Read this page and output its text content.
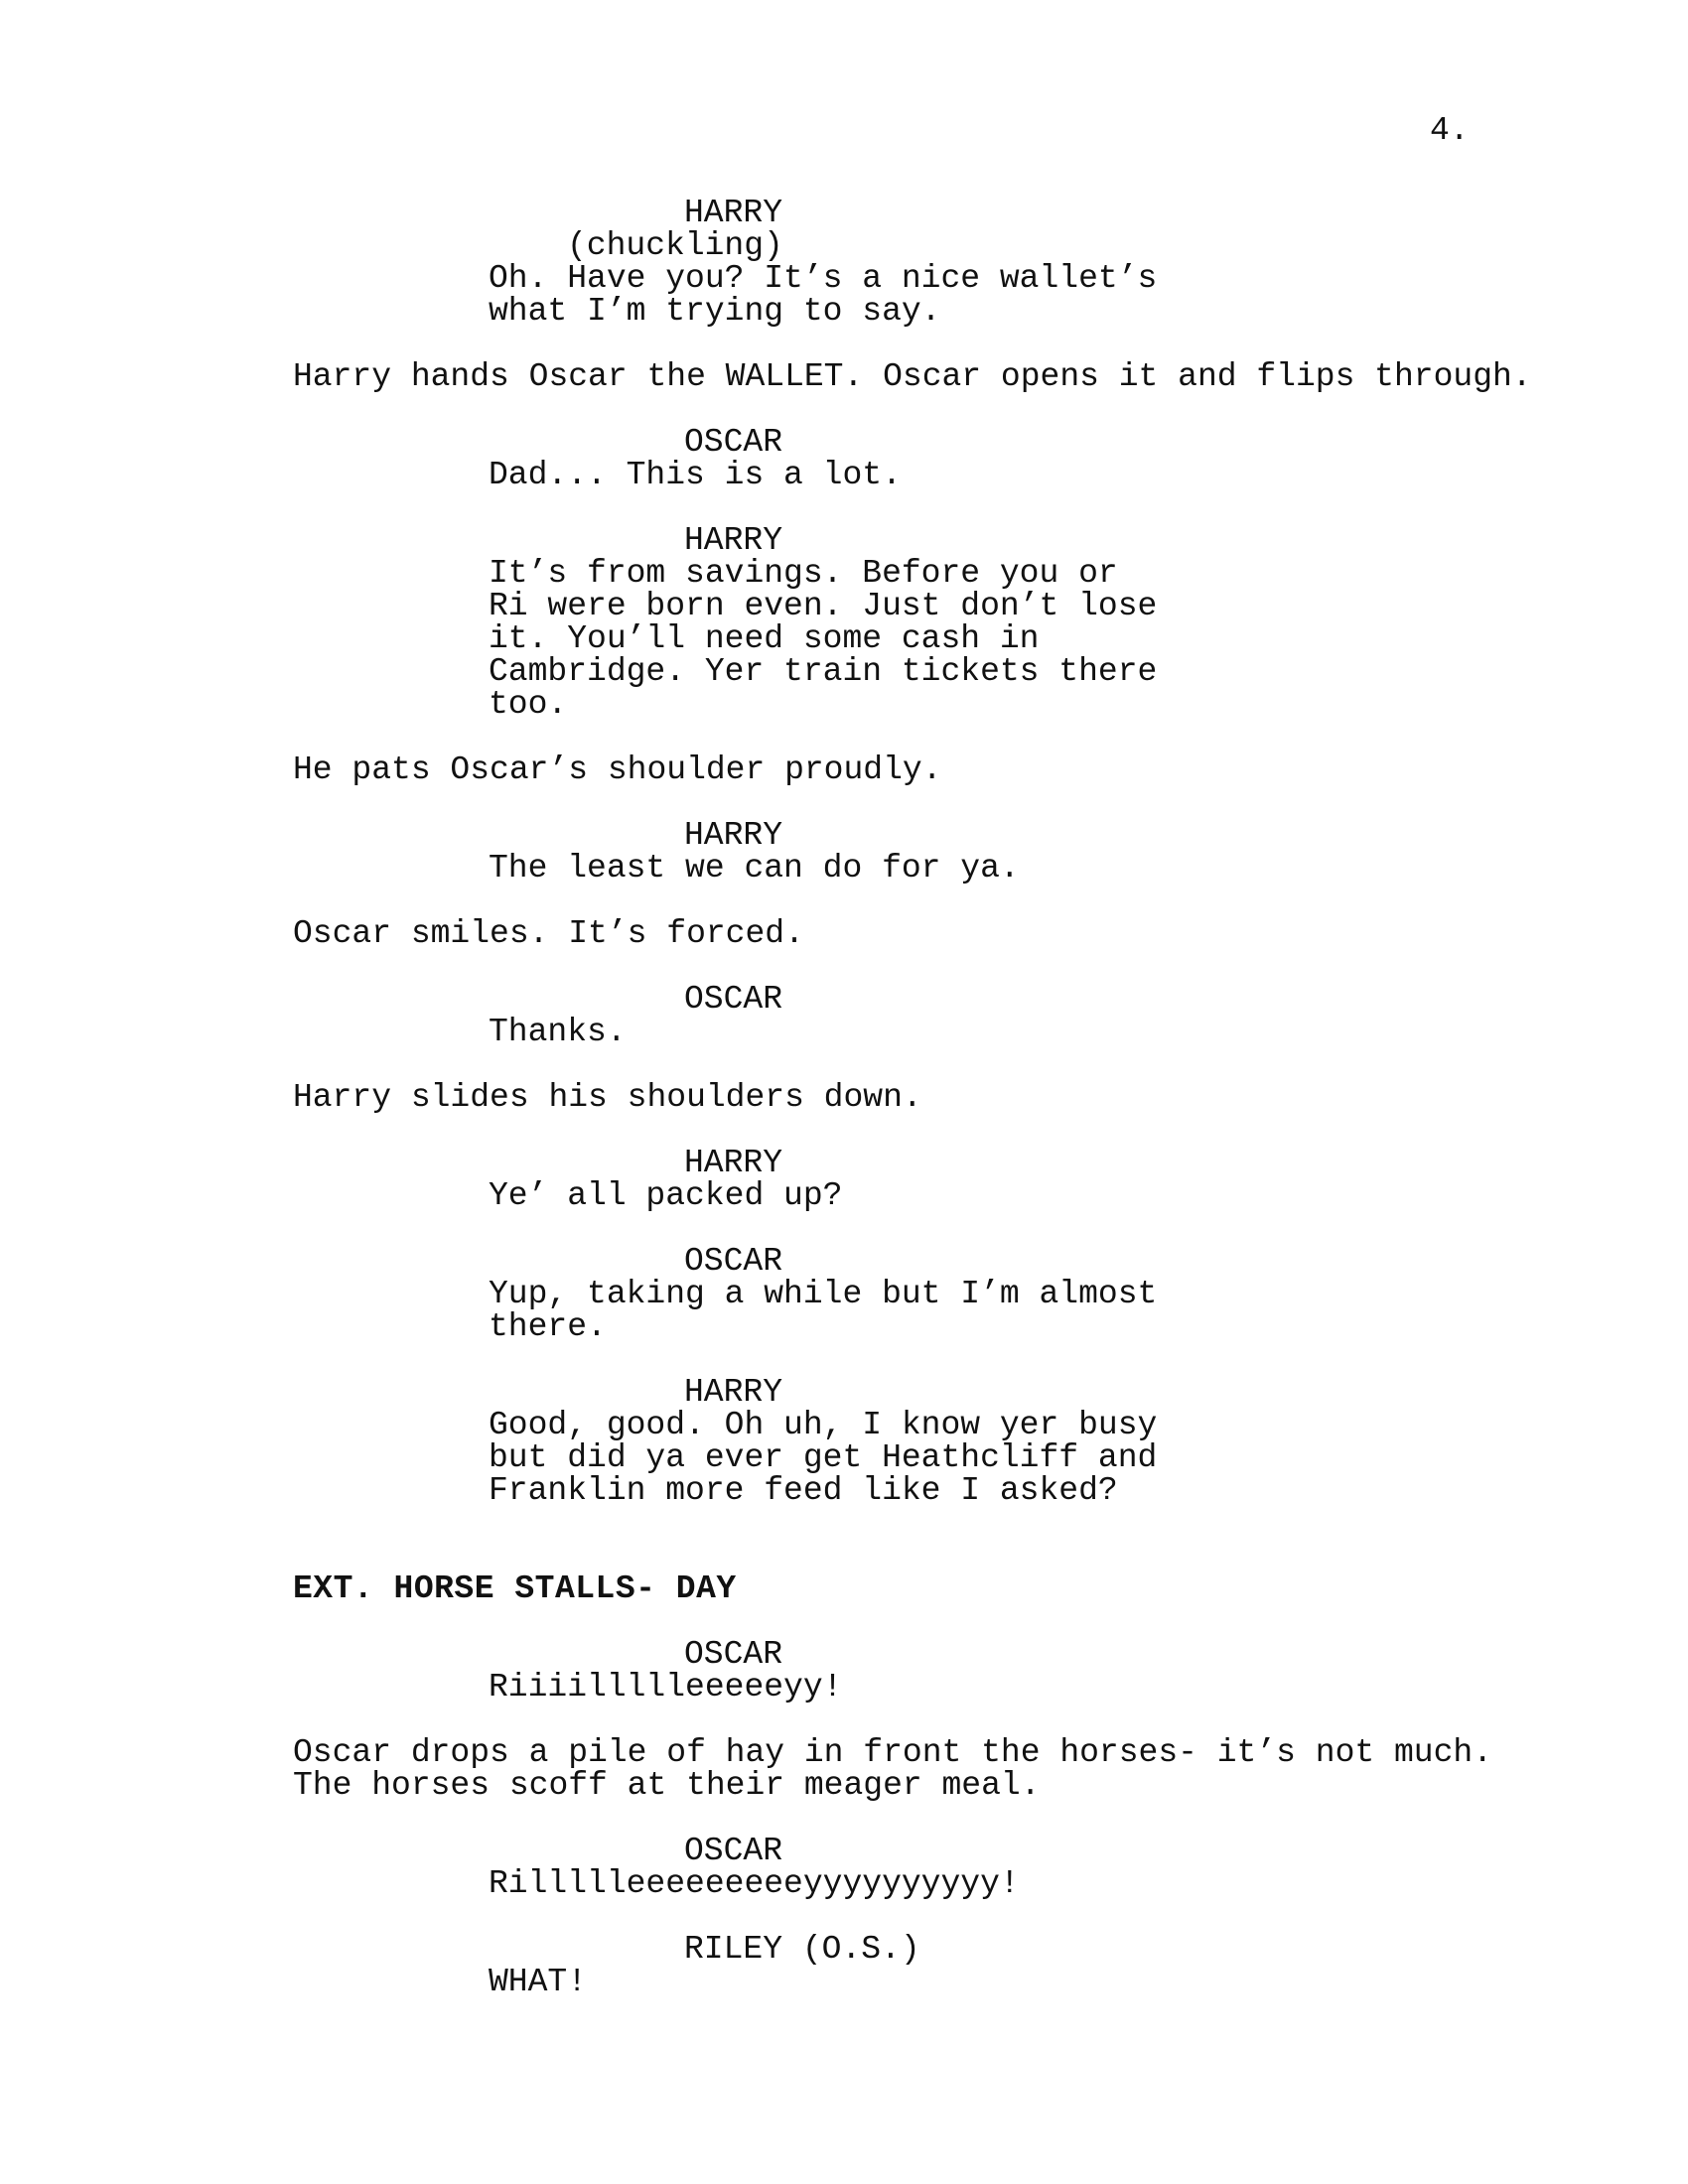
4.
HARRY
(chuckling)
Oh. Have you? It’s a nice wallet’s
what I’m trying to say.
Harry hands Oscar the WALLET. Oscar opens it and flips through.
OSCAR
Dad... This is a lot.
HARRY
It’s from savings. Before you or
Ri were born even. Just don’t lose
it. You’ll need some cash in
Cambridge. Yer train tickets there
too.
He pats Oscar’s shoulder proudly.
HARRY
The least we can do for ya.
Oscar smiles. It’s forced.
OSCAR
Thanks.
Harry slides his shoulders down.
HARRY
Ye’ all packed up?
OSCAR
Yup, taking a while but I’m almost
there.
HARRY
Good, good. Oh uh, I know yer busy
but did ya ever get Heathcliff and
Franklin more feed like I asked?
EXT. HORSE STALLS- DAY
OSCAR
Riiiillllleeeeeyy!
Oscar drops a pile of hay in front the horses- it’s not much.
The horses scoff at their meager meal.
OSCAR
Rillllleeeeeeeeeyyyyyyyyyy!
RILEY (O.S.)
WHAT!
